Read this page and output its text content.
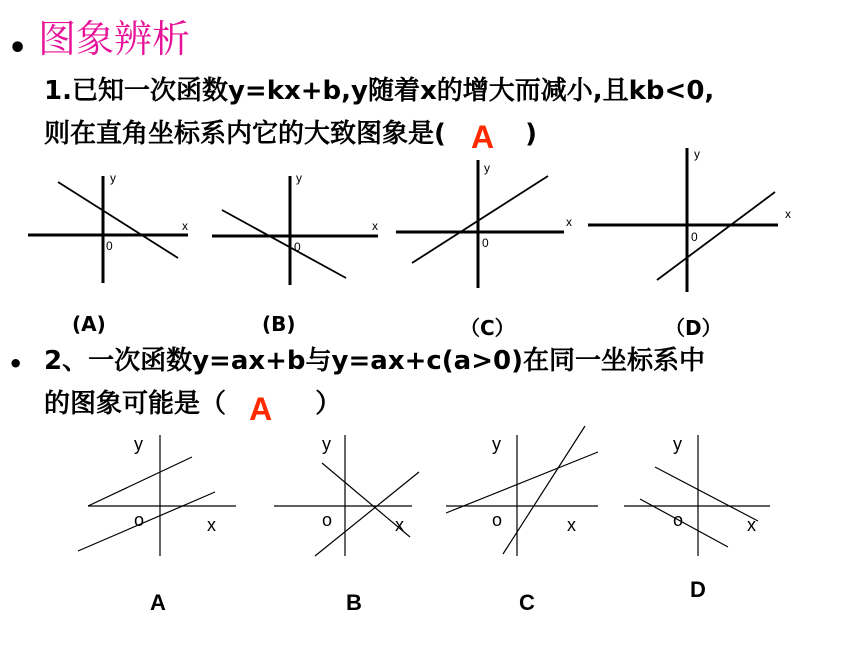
• 图象辨析
1.已知一次函数y=kx+b,y随着x的增大而减小,且kb<0,
则在直角坐标系内它的大致图象是( A )
x
y
0
x
y
0
x
y
0
x
y
0
(A)	(B)	（C）	（D）
• 2、一次函数y=ax+b与y=ax+c(a>0)在同一坐标系中
的图象可能是（ A ）
y
o	x
y
o	x
y
o	x
y
o	x
A	B	C
D
